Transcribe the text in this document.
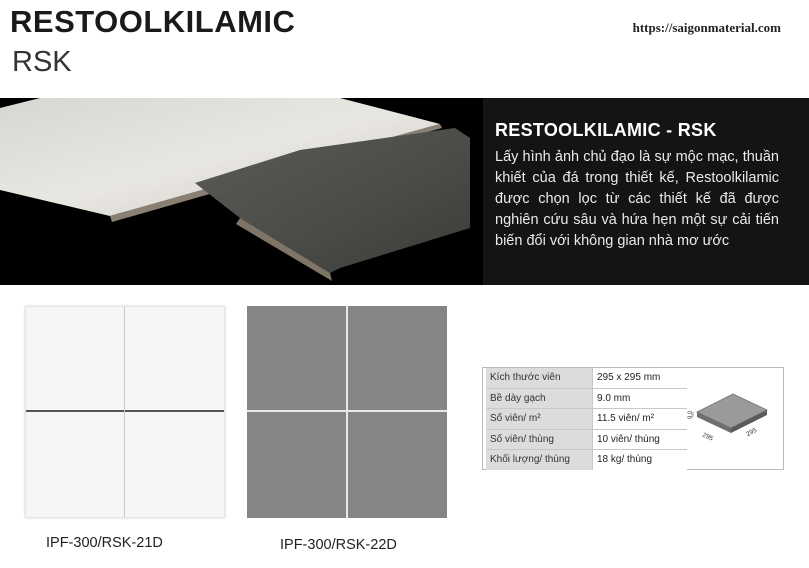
RESTOOLKILAMIC
RSK
https://saigonmaterial.com
RESTOOLKILAMIC - RSK
Lấy hình ảnh chủ đạo là sự mộc mạc, thuần khiết của đá trong thiết kế, Restoolkilamic được chọn lọc từ các thiết kế đã được nghiên cứu sâu và hứa hẹn một sự cải tiến biến đổi với không gian nhà mơ ước
IPF-300/RSK-21D	IPF-300/RSK-22D
Kích thước viên	295 x 295 mm
Bề dày gạch	9.0 mm
Số viên/ m²	11.5 viên/ m²
Số viên/ thùng	10 viên/ thùng
Khối lượng/ thùng	18 kg/ thùng
9.0
295	295
